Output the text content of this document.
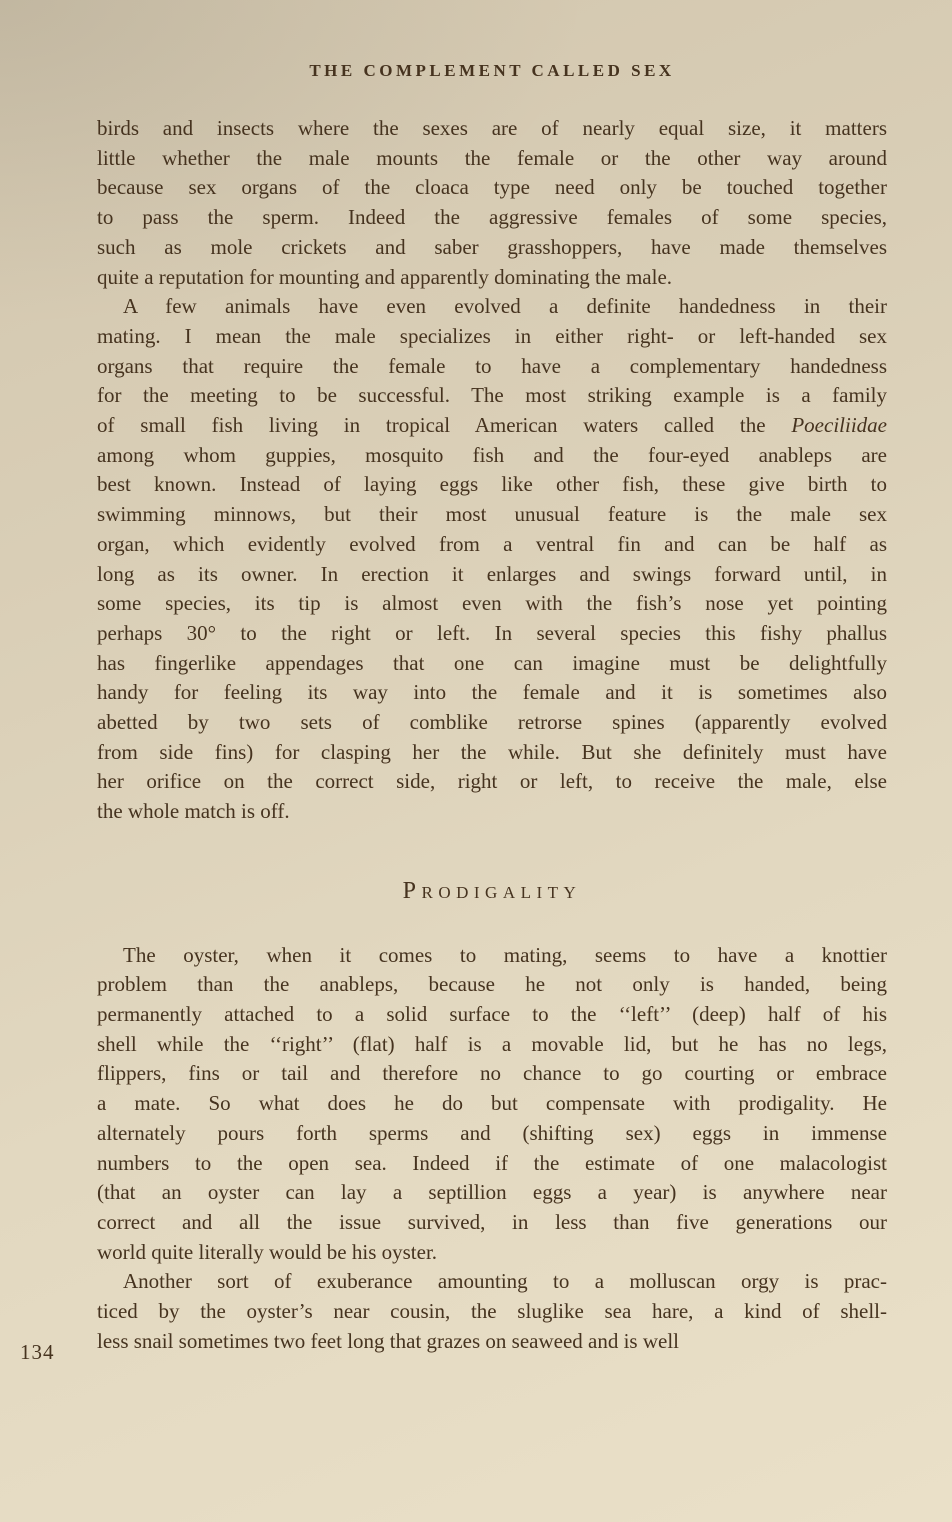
THE COMPLEMENT CALLED SEX
birds and insects where the sexes are of nearly equal size, it matters
little whether the male mounts the female or the other way around
because sex organs of the cloaca type need only be touched together
to pass the sperm. Indeed the aggressive females of some species,
such as mole crickets and saber grasshoppers, have made themselves
quite a reputation for mounting and apparently dominating the male.
A few animals have even evolved a definite handedness in their
mating. I mean the male specializes in either right- or left-handed sex
organs that require the female to have a complementary handedness
for the meeting to be successful. The most striking example is a family
of small fish living in tropical American waters called the Poeciliidae
among whom guppies, mosquito fish and the four-eyed anableps are
best known. Instead of laying eggs like other fish, these give birth to
swimming minnows, but their most unusual feature is the male sex
organ, which evidently evolved from a ventral fin and can be half as
long as its owner. In erection it enlarges and swings forward until, in
some species, its tip is almost even with the fish’s nose yet pointing
perhaps 30° to the right or left. In several species this fishy phallus
has fingerlike appendages that one can imagine must be delightfully
handy for feeling its way into the female and it is sometimes also
abetted by two sets of comblike retrorse spines (apparently evolved
from side fins) for clasping her the while. But she definitely must have
her orifice on the correct side, right or left, to receive the male, else
the whole match is off.
Prodigality
The oyster, when it comes to mating, seems to have a knottier
problem than the anableps, because he not only is handed, being
permanently attached to a solid surface to the ‘‘left’’ (deep) half of his
shell while the ‘‘right’’ (flat) half is a movable lid, but he has no legs,
flippers, fins or tail and therefore no chance to go courting or embrace
a mate. So what does he do but compensate with prodigality. He
alternately pours forth sperms and (shifting sex) eggs in immense
numbers to the open sea. Indeed if the estimate of one malacologist
(that an oyster can lay a septillion eggs a year) is anywhere near
correct and all the issue survived, in less than five generations our
world quite literally would be his oyster.
Another sort of exuberance amounting to a molluscan orgy is prac-
ticed by the oyster’s near cousin, the sluglike sea hare, a kind of shell-
less snail sometimes two feet long that grazes on seaweed and is well
134
